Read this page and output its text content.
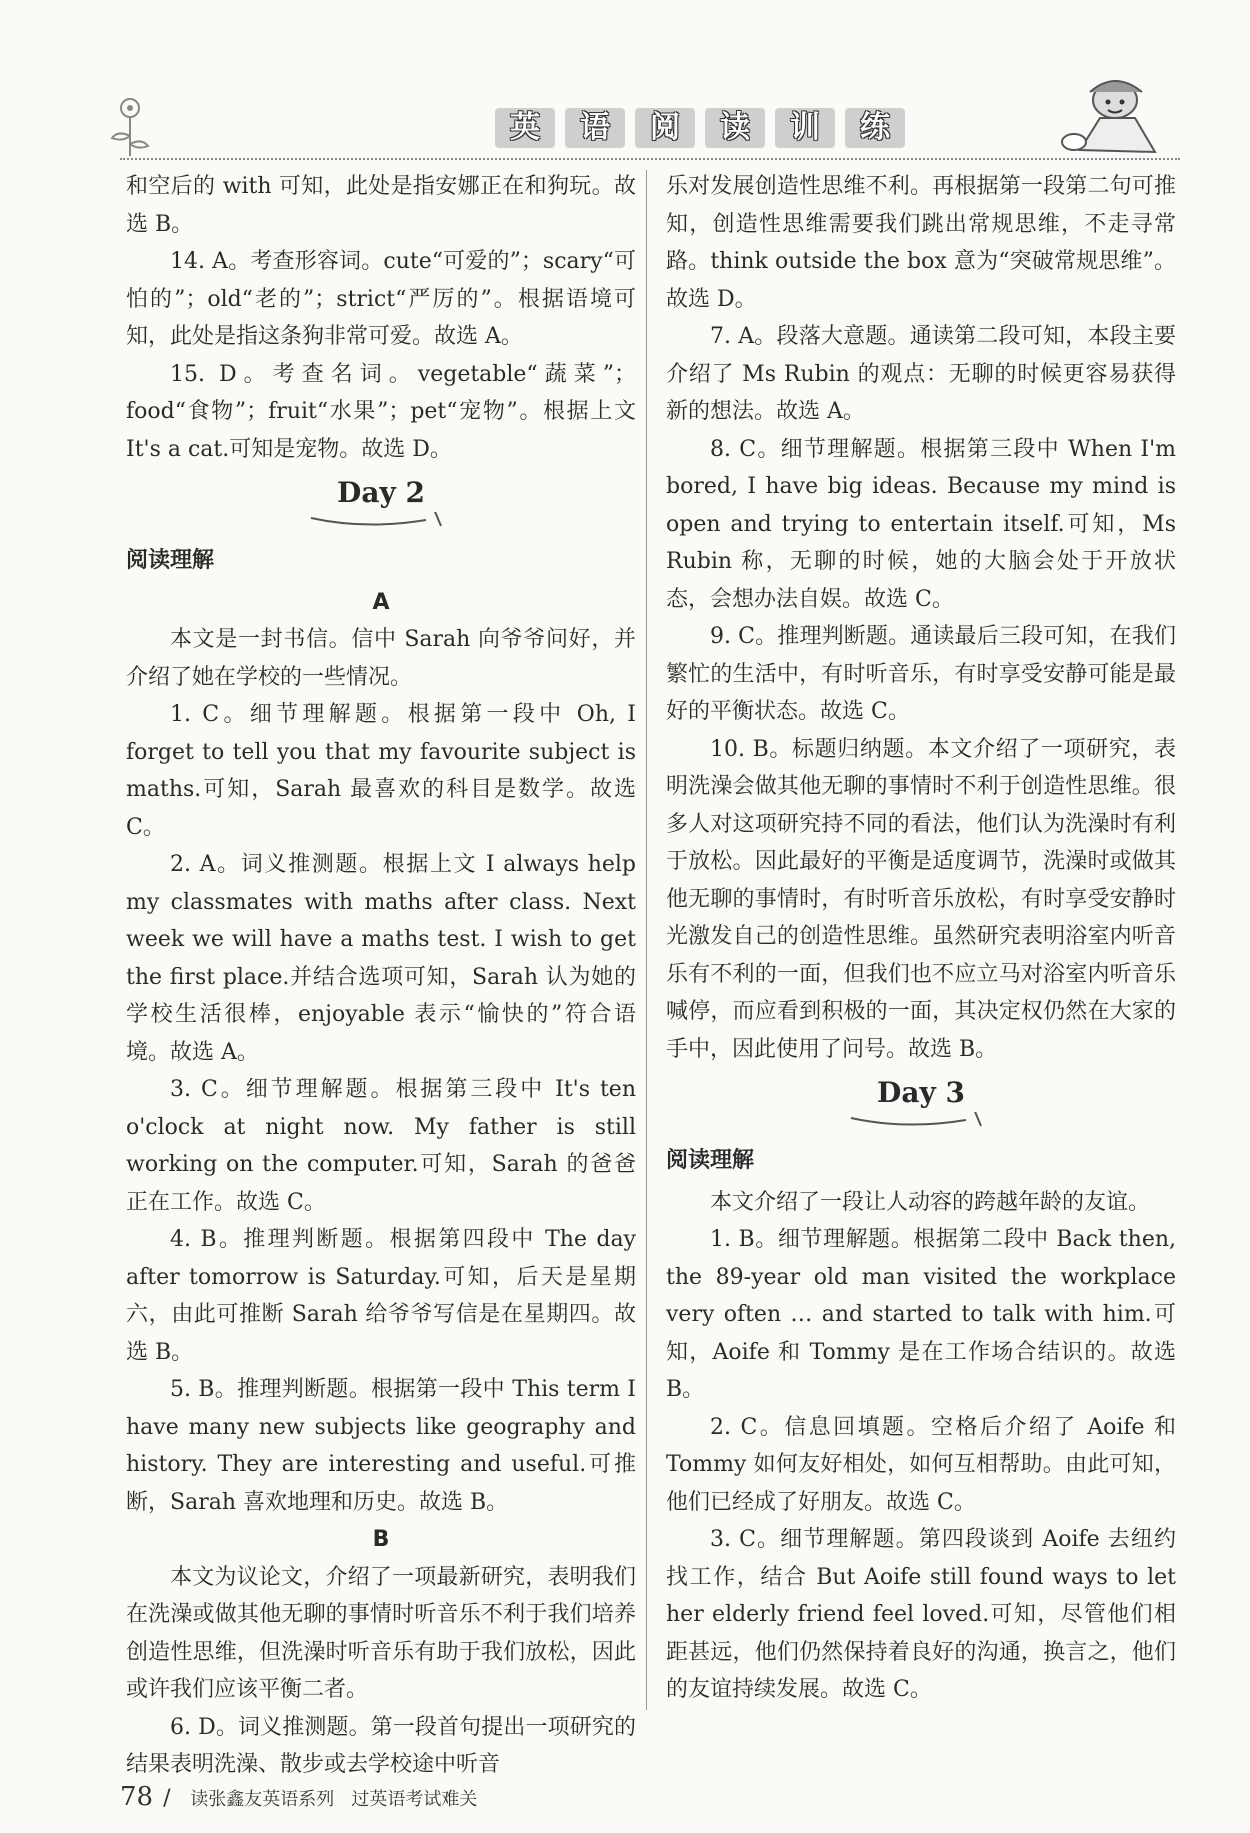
英	语	阅	读	训	练

和空后的 with 可知，此处是指安娜正在和狗玩。故选 B。

14. A。考查形容词。cute“可爱的”；scary“可怕的”；old“老的”；strict“严厉的”。根据语境可知，此处是指这条狗非常可爱。故选 A。

15. D。考查名词。vegetable“蔬菜”；food“食物”；fruit“水果”；pet“宠物”。根据上文 It's a cat.可知是宠物。故选 D。

Day 2

阅读理解

A

本文是一封书信。信中 Sarah 向爷爷问好，并介绍了她在学校的一些情况。

1. C。细节理解题。根据第一段中 Oh, I forget to tell you that my favourite subject is maths.可知，Sarah 最喜欢的科目是数学。故选 C。

2. A。词义推测题。根据上文 I always help my classmates with maths after class. Next week we will have a maths test. I wish to get the first place.并结合选项可知，Sarah 认为她的学校生活很棒，enjoyable 表示“愉快的”符合语境。故选 A。

3. C。细节理解题。根据第三段中 It's ten o'clock at night now. My father is still working on the computer.可知，Sarah 的爸爸正在工作。故选 C。

4. B。推理判断题。根据第四段中 The day after tomorrow is Saturday.可知，后天是星期六，由此可推断 Sarah 给爷爷写信是在星期四。故选 B。

5. B。推理判断题。根据第一段中 This term I have many new subjects like geography and history. They are interesting and useful.可推断，Sarah 喜欢地理和历史。故选 B。

B

本文为议论文，介绍了一项最新研究，表明我们在洗澡或做其他无聊的事情时听音乐不利于我们培养创造性思维，但洗澡时听音乐有助于我们放松，因此或许我们应该平衡二者。

6. D。词义推测题。第一段首句提出一项研究的结果表明洗澡、散步或去学校途中听音

乐对发展创造性思维不利。再根据第一段第二句可推知，创造性思维需要我们跳出常规思维，不走寻常路。think outside the box 意为“突破常规思维”。故选 D。

7. A。段落大意题。通读第二段可知，本段主要介绍了 Ms Rubin 的观点：无聊的时候更容易获得新的想法。故选 A。

8. C。细节理解题。根据第三段中 When I'm bored, I have big ideas. Because my mind is open and trying to entertain itself.可知，Ms Rubin 称，无聊的时候，她的大脑会处于开放状态，会想办法自娱。故选 C。

9. C。推理判断题。通读最后三段可知，在我们繁忙的生活中，有时听音乐，有时享受安静可能是最好的平衡状态。故选 C。

10. B。标题归纳题。本文介绍了一项研究，表明洗澡会做其他无聊的事情时不利于创造性思维。很多人对这项研究持不同的看法，他们认为洗澡时有利于放松。因此最好的平衡是适度调节，洗澡时或做其他无聊的事情时，有时听音乐放松，有时享受安静时光激发自己的创造性思维。虽然研究表明浴室内听音乐有不利的一面，但我们也不应立马对浴室内听音乐喊停，而应看到积极的一面，其决定权仍然在大家的手中，因此使用了问号。故选 B。

Day 3

阅读理解

本文介绍了一段让人动容的跨越年龄的友谊。

1. B。细节理解题。根据第二段中 Back then, the 89-year old man visited the workplace very often … and started to talk with him.可知，Aoife 和 Tommy 是在工作场合结识的。故选 B。

2. C。信息回填题。空格后介绍了 Aoife 和 Tommy 如何友好相处，如何互相帮助。由此可知，他们已经成了好朋友。故选 C。

3. C。细节理解题。第四段谈到 Aoife 去纽约找工作，结合 But Aoife still found ways to let her elderly friend feel loved.可知，尽管他们相距甚远，他们仍然保持着良好的沟通，换言之，他们的友谊持续发展。故选 C。

78 / 读张鑫友英语系列 过英语考试难关
